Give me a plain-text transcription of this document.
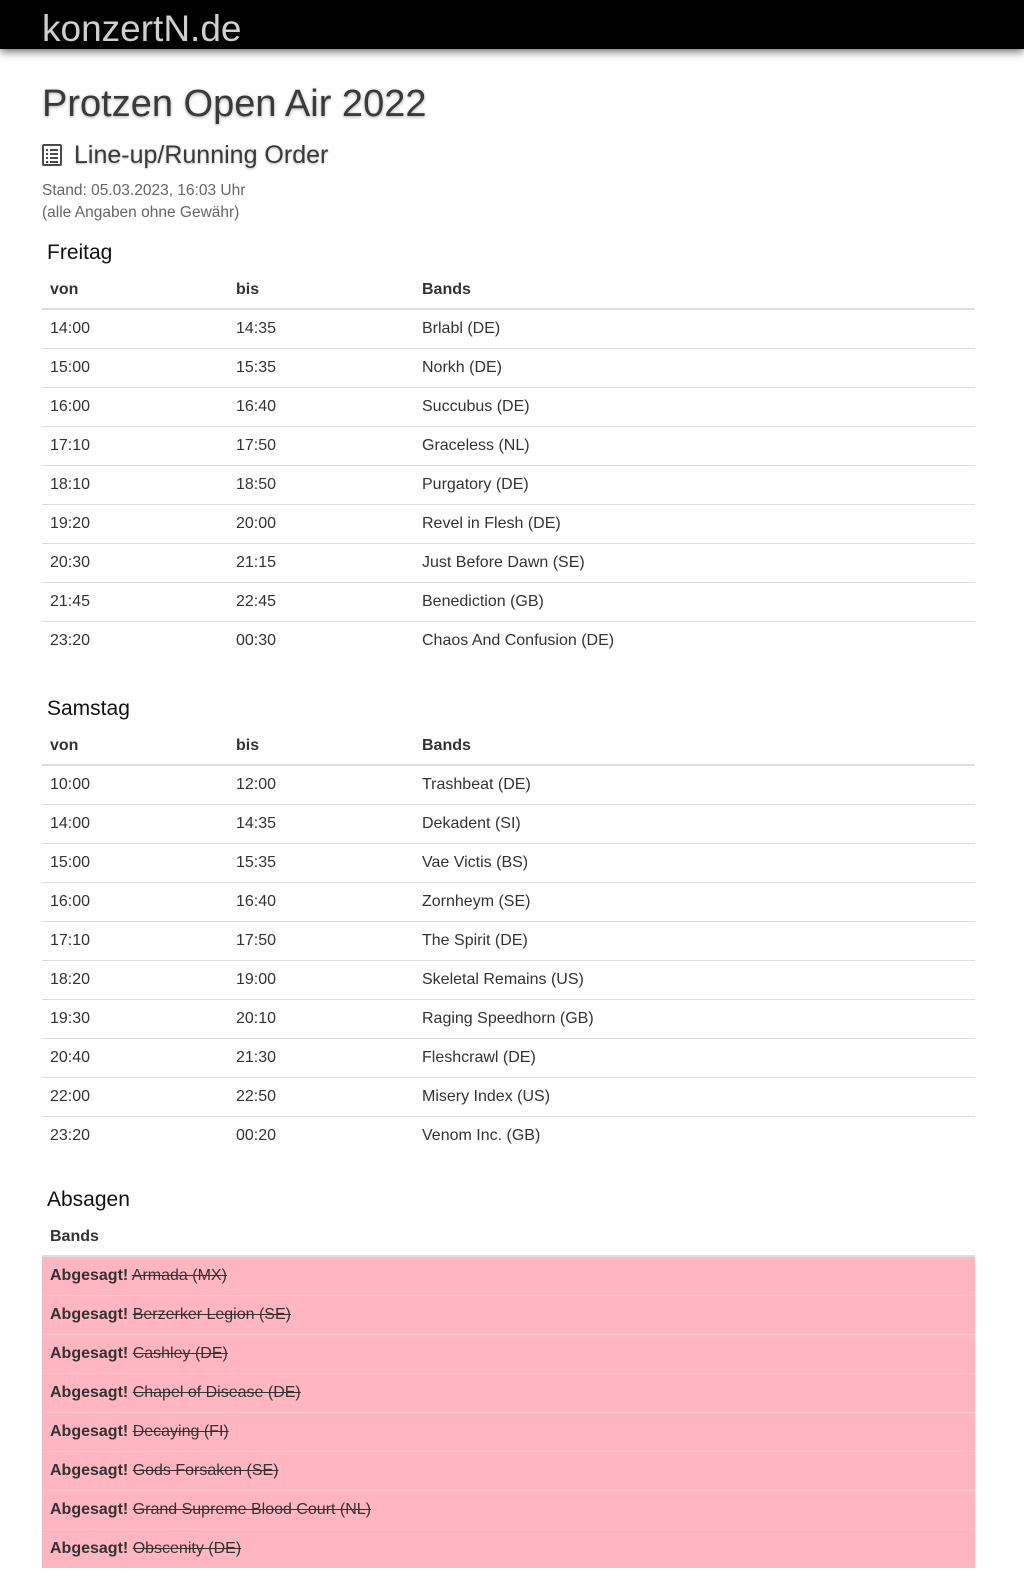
konzertN.de
Protzen Open Air 2022
Line-up/Running Order
Stand: 05.03.2023, 16:03 Uhr
(alle Angaben ohne Gewähr)
Freitag
von	bis	Bands
14:00	14:35	Brlabl (DE)
15:00	15:35	Norkh (DE)
16:00	16:40	Succubus (DE)
17:10	17:50	Graceless (NL)
18:10	18:50	Purgatory (DE)
19:20	20:00	Revel in Flesh (DE)
20:30	21:15	Just Before Dawn (SE)
21:45	22:45	Benediction (GB)
23:20	00:30	Chaos And Confusion (DE)
Samstag
von	bis	Bands
10:00	12:00	Trashbeat (DE)
14:00	14:35	Dekadent (SI)
15:00	15:35	Vae Victis (BS)
16:00	16:40	Zornheym (SE)
17:10	17:50	The Spirit (DE)
18:20	19:00	Skeletal Remains (US)
19:30	20:10	Raging Speedhorn (GB)
20:40	21:30	Fleshcrawl (DE)
22:00	22:50	Misery Index (US)
23:20	00:20	Venom Inc. (GB)
Absagen
Bands
Abgesagt! Armada (MX)
Abgesagt! Berzerker Legion (SE)
Abgesagt! Cashley (DE)
Abgesagt! Chapel of Disease (DE)
Abgesagt! Decaying (FI)
Abgesagt! Gods Forsaken (SE)
Abgesagt! Grand Supreme Blood Court (NL)
Abgesagt! Obscenity (DE)
